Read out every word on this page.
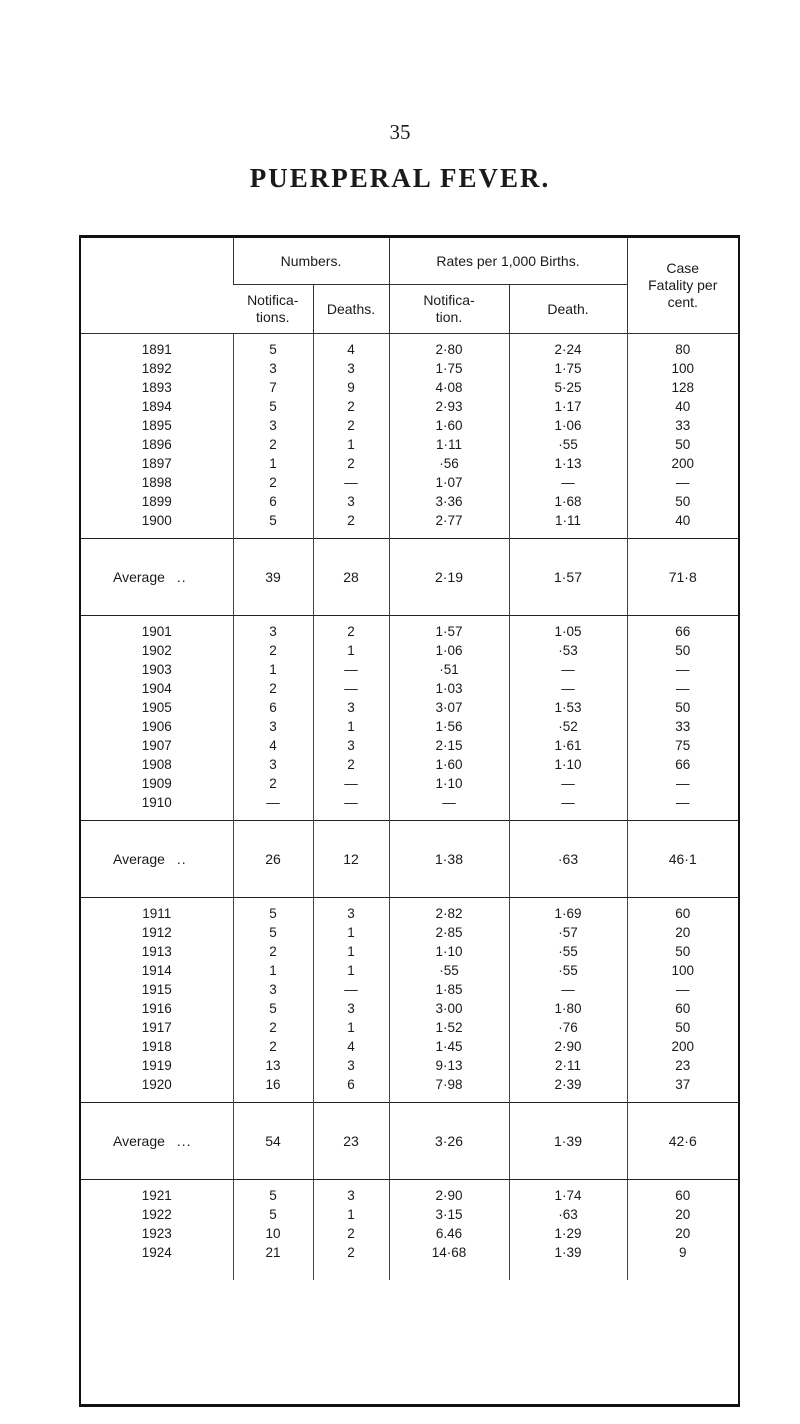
35
PUERPERAL FEVER.
	Numbers.		Rates per 1,000 Births.		Case Fatality per cent.
	Notifica-tions.	Deaths.	Notifica-tion.	Death.	
1891	5	4	2·80	2·24	80
1892	3	3	1·75	1·75	100
1893	7	9	4·08	5·25	128
1894	5	2	2·93	1·17	40
1895	3	2	1·60	1·06	33
1896	2	1	1·11	·55	50
1897	1	2	·56	1·13	200
1898	2	—	1·07	—	—
1899	6	3	3·36	1·68	50
1900	5	2	2·77	1·11	40
Average ..	39	28	2·19	1·57	71·8
1901	3	2	1·57	1·05	66
1902	2	1	1·06	·53	50
1903	1	—	·51	—	—
1904	2	—	1·03	—	—
1905	6	3	3·07	1·53	50
1906	3	1	1·56	·52	33
1907	4	3	2·15	1·61	75
1908	3	2	1·60	1·10	66
1909	2	—	1·10	—	—
1910	—	—	—	—	—
Average ..	26	12	1·38	·63	46·1
1911	5	3	2·82	1·69	60
1912	5	1	2·85	·57	20
1913	2	1	1·10	·55	50
1914	1	1	·55	·55	100
1915	3	—	1·85	—	—
1916	5	3	3·00	1·80	60
1917	2	1	1·52	·76	50
1918	2	4	1·45	2·90	200
1919	13	3	9·13	2·11	23
1920	16	6	7·98	2·39	37
Average ...	54	23	3·26	1·39	42·6
1921	5	3	2·90	1·74	60
1922	5	1	3·15	·63	20
1923	10	2	6.46	1·29	20
1924	21	2	14·68	1·39	9
